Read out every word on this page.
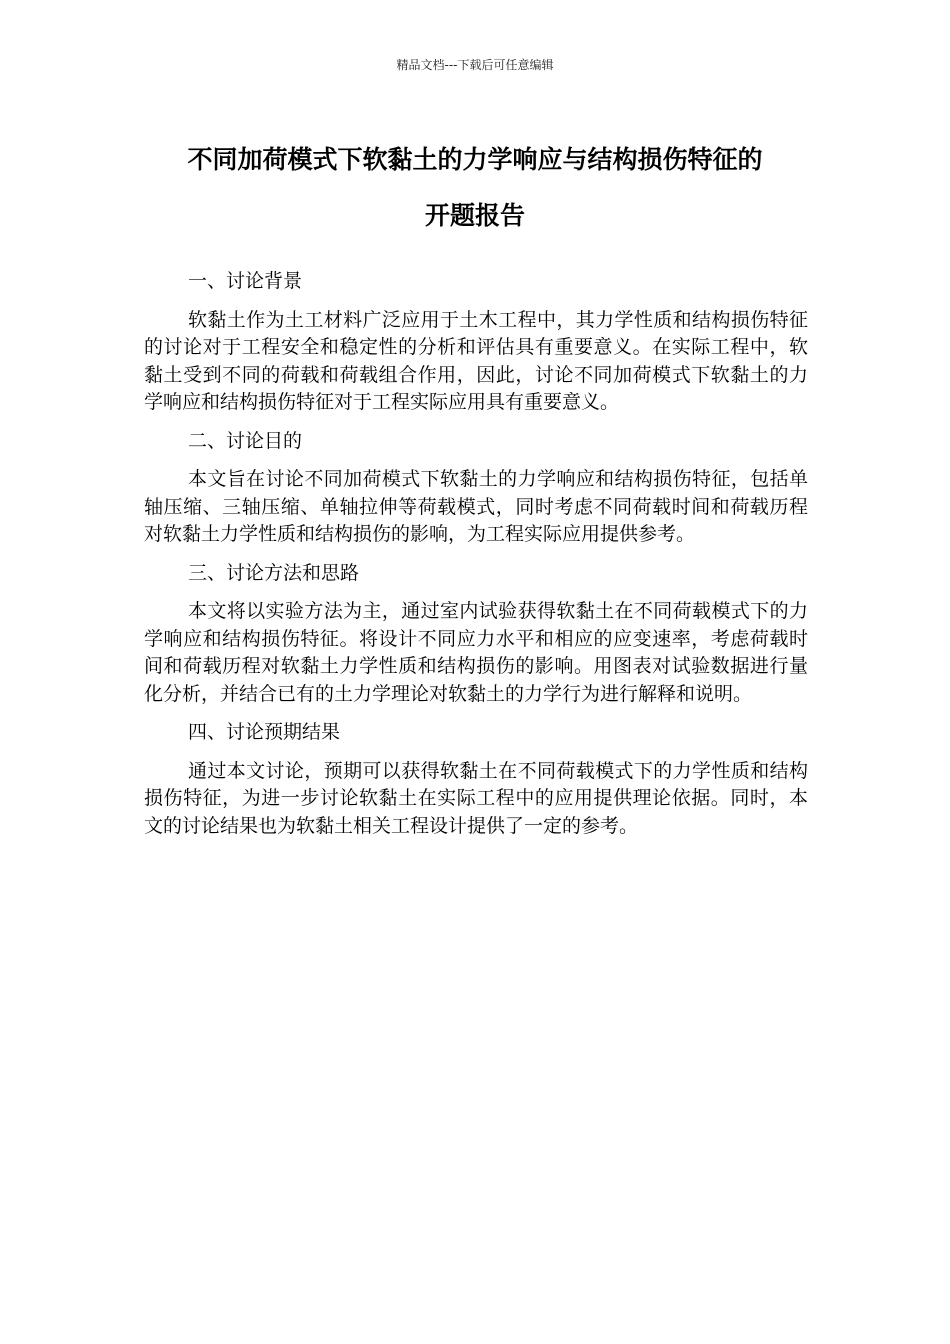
精品文档---下载后可任意编辑
不同加荷模式下软黏土的力学响应与结构损伤特征的
开题报告
一、讨论背景

软黏土作为土工材料广泛应用于土木工程中，其力学性质和结构损伤特征的讨论对于工程安全和稳定性的分析和评估具有重要意义。在实际工程中，软黏土受到不同的荷载和荷载组合作用，因此，讨论不同加荷模式下软黏土的力学响应和结构损伤特征对于工程实际应用具有重要意义。

二、讨论目的

本文旨在讨论不同加荷模式下软黏土的力学响应和结构损伤特征，包括单轴压缩、三轴压缩、单轴拉伸等荷载模式，同时考虑不同荷载时间和荷载历程对软黏土力学性质和结构损伤的影响，为工程实际应用提供参考。

三、讨论方法和思路

本文将以实验方法为主，通过室内试验获得软黏土在不同荷载模式下的力学响应和结构损伤特征。将设计不同应力水平和相应的应变速率，考虑荷载时间和荷载历程对软黏土力学性质和结构损伤的影响。用图表对试验数据进行量化分析，并结合已有的土力学理论对软黏土的力学行为进行解释和说明。

四、讨论预期结果

通过本文讨论，预期可以获得软黏土在不同荷载模式下的力学性质和结构损伤特征，为进一步讨论软黏土在实际工程中的应用提供理论依据。同时，本文的讨论结果也为软黏土相关工程设计提供了一定的参考。
